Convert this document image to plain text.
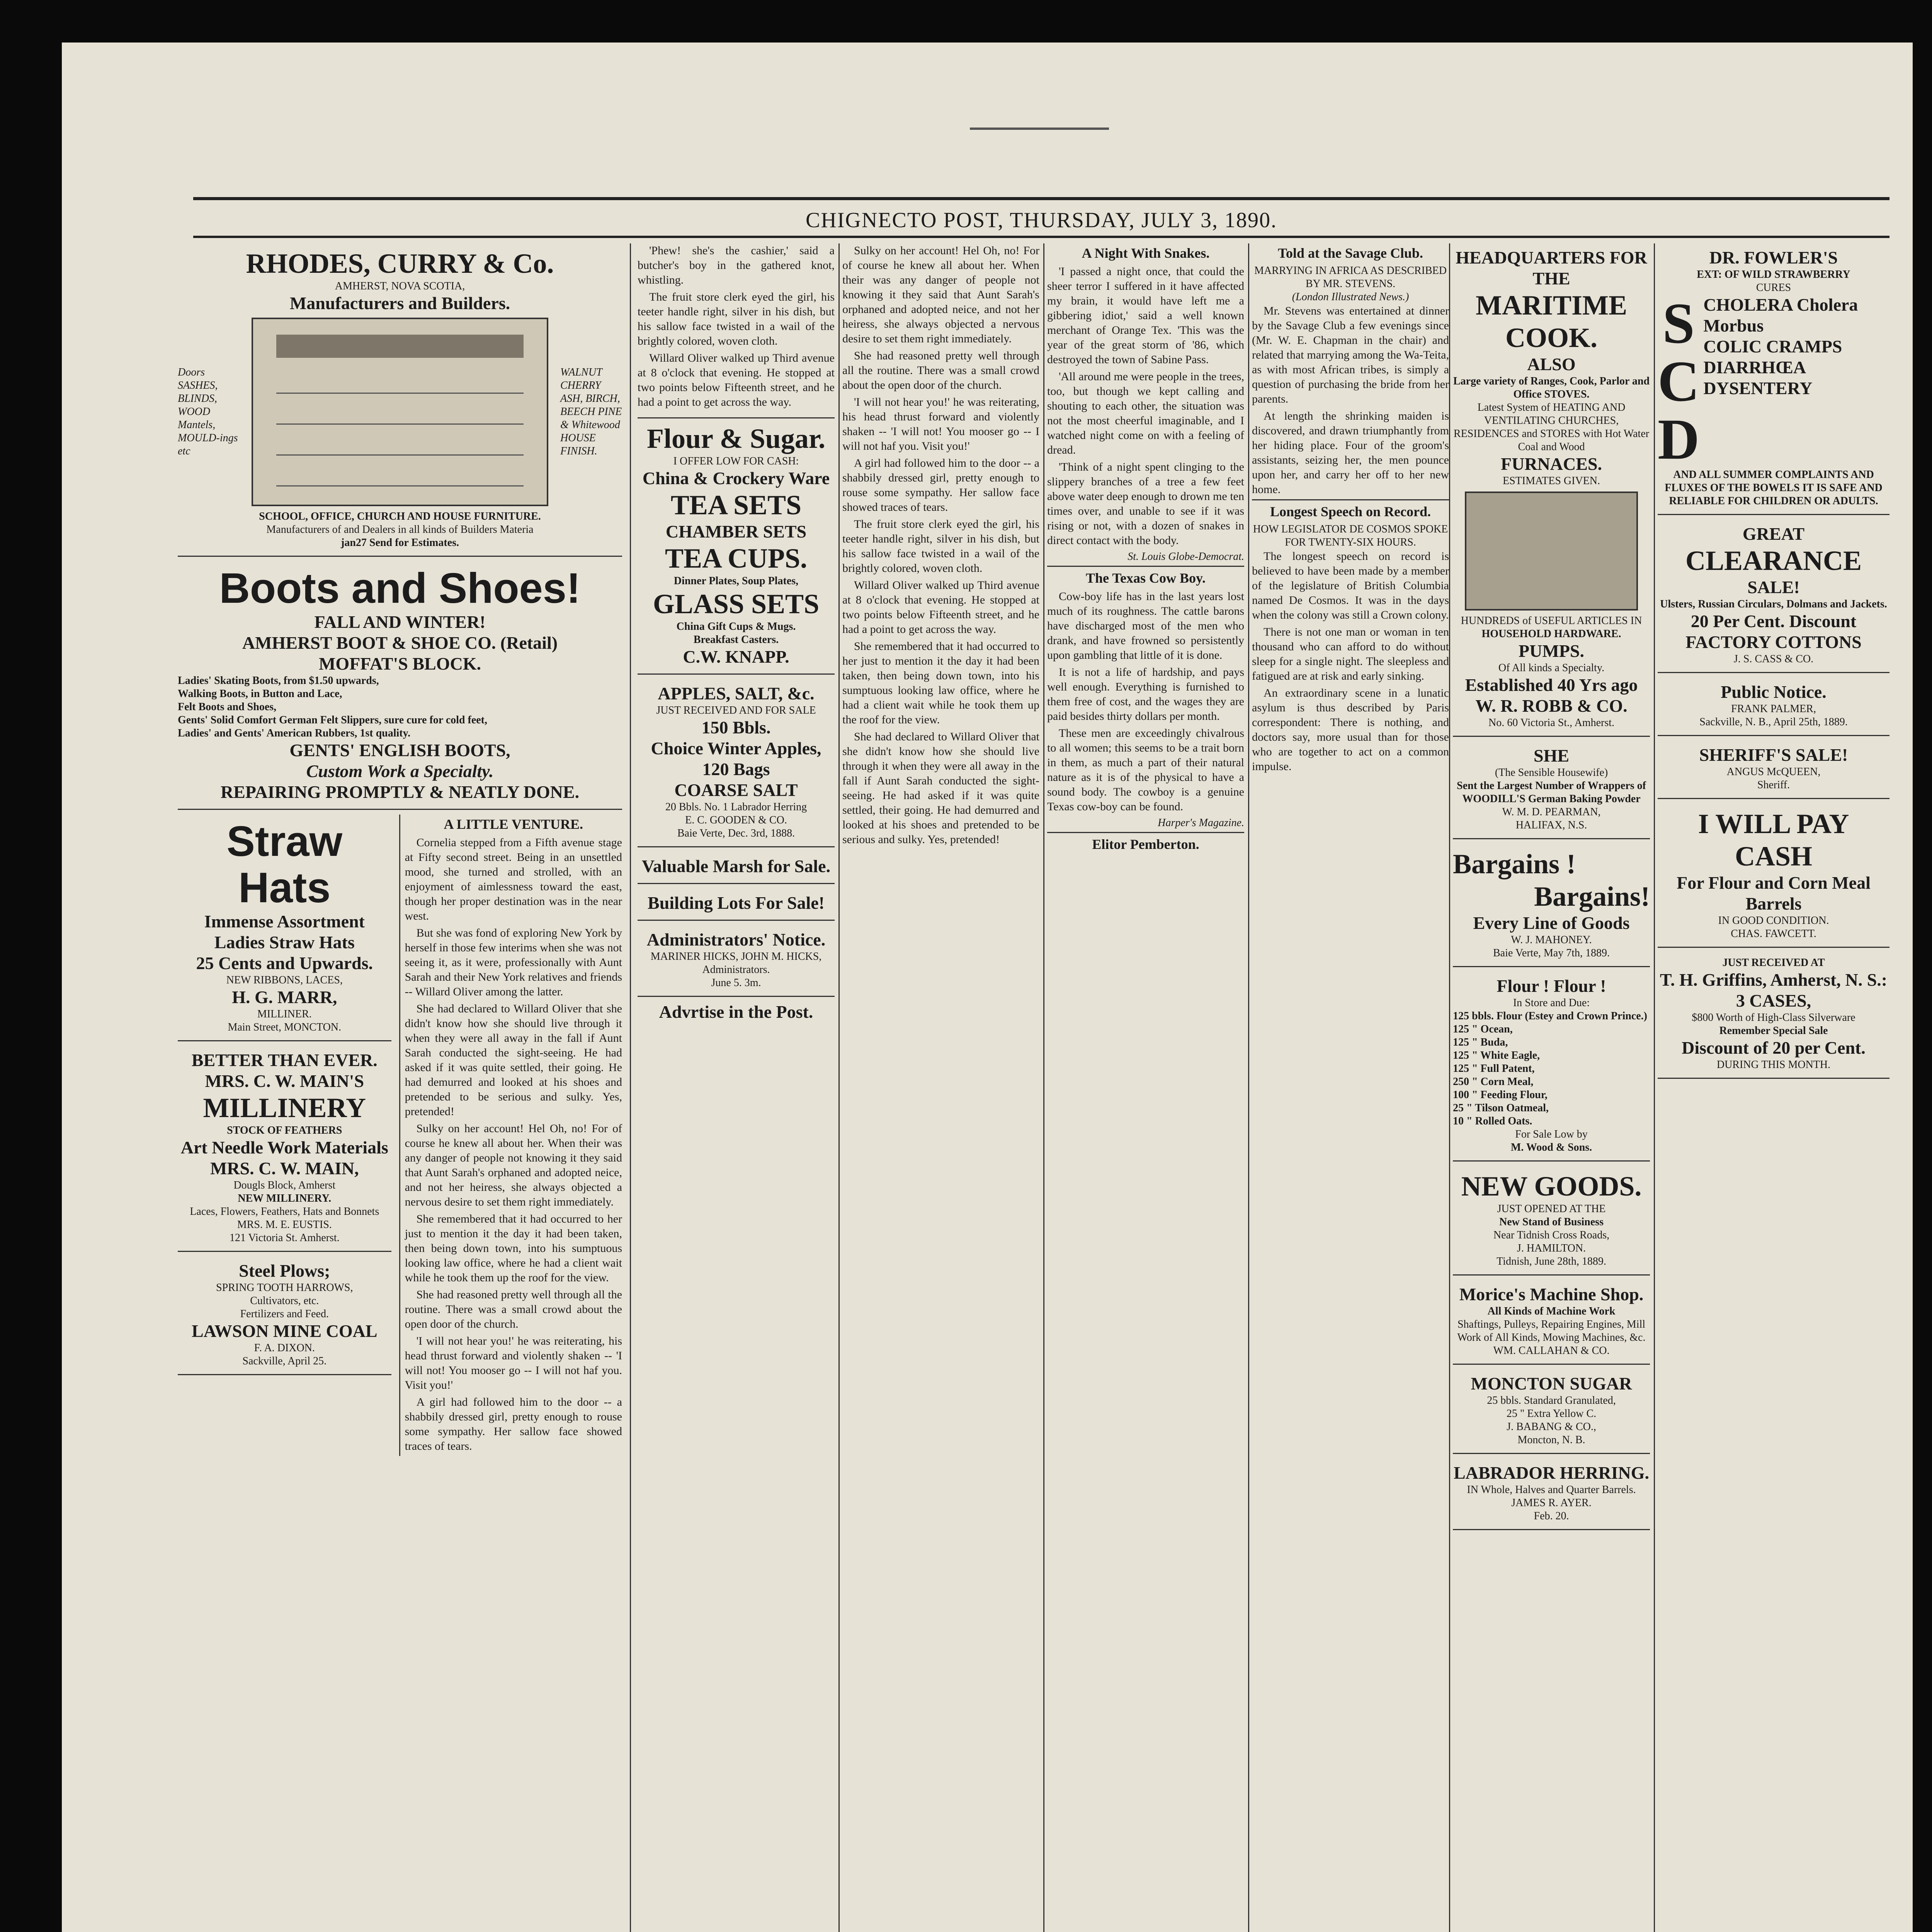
CHIGNECTO POST, THURSDAY, JULY 3, 1890.
RHODES, CURRY & Co.
AMHERST, NOVA SCOTIA,
Manufacturers and Builders.
Doors SASHES, BLINDS, WOOD Mantels, MOULD-ings etc
WALNUT CHERRY ASH, BIRCH, BEECH PINE & Whitewood HOUSE FINISH.
SCHOOL, OFFICE, CHURCH AND HOUSE FURNITURE.
Manufacturers of and Dealers in all kinds of Builders Materia
jan27 Send for Estimates.
Boots and Shoes!
FALL AND WINTER!
AMHERST BOOT & SHOE CO. (Retail)
MOFFAT'S BLOCK.
Ladies' Skating Boots, from $1.50 upwards,
Walking Boots, in Button and Lace,
Felt Boots and Shoes,
Gents' Solid Comfort German Felt Slippers, sure cure for cold feet,
Ladies' and Gents' American Rubbers, 1st quality.
GENTS' ENGLISH BOOTS,
Custom Work a Specialty.
REPAIRING PROMPTLY & NEATLY DONE.
Straw Hats
Immense Assortment
Ladies Straw Hats
25 Cents and Upwards.
NEW RIBBONS, LACES,
H. G. MARR,
MILLINER.
Main Street, MONCTON.
BETTER THAN EVER.
MRS. C. W. MAIN'S
MILLINERY
STOCK OF FEATHERS
Art Needle Work Materials
MRS. C. W. MAIN,
Dougls Block, Amherst
NEW MILLINERY.
Laces, Flowers, Feathers, Hats and Bonnets
MRS. M. E. EUSTIS.
121 Victoria St. Amherst.
Steel Plows;
SPRING TOOTH HARROWS,
Cultivators, etc.
Fertilizers and Feed.
LAWSON MINE COAL
F. A. DIXON.
Sackville, April 25.
A LITTLE VENTURE.

Cornelia stepped from a Fifth avenue stage at Fifty second street. Being in an unsettled mood, she turned and strolled, with an enjoyment of aimlessness toward the east, though her proper destination was in the near west.

But she was fond of exploring New York by herself in those few interims when she was not seeing it, as it were, professionally with Aunt Sarah and their New York relatives and friends -- Willard Oliver among the latter.

She had declared to Willard Oliver that she didn't know how she should live through it when they were all away in the fall if Aunt Sarah conducted the sight-seeing. He had asked if it was quite settled, their going. He had demurred and looked at his shoes and pretended to be serious and sulky. Yes, pretended!

Sulky on her account! Hel Oh, no! For of course he knew all about her. When their was any danger of people not knowing it they said that Aunt Sarah's orphaned and adopted neice, and not her heiress, she always objected a nervous desire to set them right immediately.

She remembered that it had occurred to her just to mention it the day it had been taken, then being down town, into his sumptuous looking law office, where he had a client wait while he took them up the roof for the view.

She had reasoned pretty well through all the routine. There was a small crowd about the open door of the church.

'I will not hear you!' he was reiterating, his head thrust forward and violently shaken -- 'I will not! You mooser go -- I will not haf you. Visit you!'

A girl had followed him to the door -- a shabbily dressed girl, pretty enough to rouse some sympathy. Her sallow face showed traces of tears.

'Phew! she's the cashier,' said a butcher's boy in the gathered knot, whistling.

The fruit store clerk eyed the girl, his teeter handle right, silver in his dish, but his sallow face twisted in a wail of the brightly colored, woven cloth.

Willard Oliver walked up Third avenue at 8 o'clock that evening. He stopped at two points below Fifteenth street, and he had a point to get across the way.

Flour & Sugar.
I OFFER LOW FOR CASH:
China & Crockery Ware
TEA SETS
CHAMBER SETS
TEA CUPS.
Dinner Plates, Soup Plates,
GLASS SETS
China Gift Cups & Mugs.
Breakfast Casters.
C.W. KNAPP.
APPLES, SALT, &c.
JUST RECEIVED AND FOR SALE
150 Bbls.
Choice Winter Apples,
120 Bags
COARSE SALT
20 Bbls. No. 1 Labrador Herring
E. C. GOODEN & CO.
Baie Verte, Dec. 3rd, 1888.
Valuable Marsh for Sale.
Building Lots For Sale!
Administrators' Notice.
MARINER HICKS, JOHN M. HICKS,
Administrators.
June 5. 3m.
Advrtise in the Post.

Sulky on her account! Hel Oh, no! For of course he knew all about her. When their was any danger of people not knowing it they said that Aunt Sarah's orphaned and adopted neice, and not her heiress, she always objected a nervous desire to set them right immediately.

She had reasoned pretty well through all the routine. There was a small crowd about the open door of the church.

'I will not hear you!' he was reiterating, his head thrust forward and violently shaken -- 'I will not! You mooser go -- I will not haf you. Visit you!'

A girl had followed him to the door -- a shabbily dressed girl, pretty enough to rouse some sympathy. Her sallow face showed traces of tears.

The fruit store clerk eyed the girl, his teeter handle right, silver in his dish, but his sallow face twisted in a wail of the brightly colored, woven cloth.

Willard Oliver walked up Third avenue at 8 o'clock that evening. He stopped at two points below Fifteenth street, and he had a point to get across the way.

She remembered that it had occurred to her just to mention it the day it had been taken, then being down town, into his sumptuous looking law office, where he had a client wait while he took them up the roof for the view.

She had declared to Willard Oliver that she didn't know how she should live through it when they were all away in the fall if Aunt Sarah conducted the sight-seeing. He had asked if it was quite settled, their going. He had demurred and looked at his shoes and pretended to be serious and sulky. Yes, pretended!

A Night With Snakes.

'I passed a night once, that could the sheer terror I suffered in it have affected my brain, it would have left me a gibbering idiot,' said a well known merchant of Orange Tex. 'This was the year of the great storm of '86, which destroyed the town of Sabine Pass.

'All around me were people in the trees, too, but though we kept calling and shouting to each other, the situation was not the most cheerful imaginable, and I watched night come on with a feeling of dread.

'Think of a night spent clinging to the slippery branches of a tree a few feet above water deep enough to drown me ten times over, and unable to see if it was rising or not, with a dozen of snakes in direct contact with the body.

St. Louis Globe-Democrat.
The Texas Cow Boy.

Cow-boy life has in the last years lost much of its roughness. The cattle barons have discharged most of the men who drank, and have frowned so persistently upon gambling that little of it is done.

It is not a life of hardship, and pays well enough. Everything is furnished to them free of cost, and the wages they are paid besides thirty dollars per month.

These men are exceedingly chivalrous to all women; this seems to be a trait born in them, as much a part of their natural nature as it is of the physical to have a sound body. The cowboy is a genuine Texas cow-boy can be found.

Harper's Magazine.
Elitor Pemberton.
Told at the Savage Club.
MARRYING IN AFRICA AS DESCRIBED BY MR. STEVENS.
(London Illustrated News.)

Mr. Stevens was entertained at dinner by the Savage Club a few evenings since (Mr. W. E. Chapman in the chair) and related that marrying among the Wa-Teita, as with most African tribes, is simply a question of purchasing the bride from her parents.

At length the shrinking maiden is discovered, and drawn triumphantly from her hiding place. Four of the groom's assistants, seizing her, the men pounce upon her, and carry her off to her new home.

Longest Speech on Record.
HOW LEGISLATOR DE COSMOS SPOKE FOR TWENTY-SIX HOURS.

The longest speech on record is believed to have been made by a member of the legislature of British Columbia named De Cosmos. It was in the days when the colony was still a Crown colony.

There is not one man or woman in ten thousand who can afford to do without sleep for a single night. The sleepless and fatigued are at risk and early sinking.

An extraordinary scene in a lunatic asylum is thus described by Paris correspondent: There is nothing, and doctors say, more usual than for those who are together to act on a common impulse.

HEADQUARTERS FOR THE
MARITIME COOK.
ALSO
Large variety of Ranges, Cook, Parlor and Office STOVES.
Latest System of HEATING AND VENTILATING CHURCHES, RESIDENCES and STORES with Hot Water Coal and Wood
FURNACES.
ESTIMATES GIVEN.
HUNDREDS of USEFUL ARTICLES IN
HOUSEHOLD HARDWARE.
PUMPS.
Of All kinds a Specialty.
Established 40 Yrs ago
W. R. ROBB & CO.
No. 60 Victoria St., Amherst.
SHE
(The Sensible Housewife)
Sent the Largest Number of Wrappers of
WOODILL'S German Baking Powder
W. M. D. PEARMAN,
HALIFAX, N.S.
Bargains !
Bargains!
Every Line of Goods
W. J. MAHONEY.
Baie Verte, May 7th, 1889.
Flour ! Flour !
In Store and Due:
125 bbls. Flour (Estey and Crown Prince.)
125 " Ocean,
125 " Buda,
125 " White Eagle,
125 " Full Patent,
250 " Corn Meal,
100 " Feeding Flour,
25 " Tilson Oatmeal,
10 " Rolled Oats.
For Sale Low by
M. Wood & Sons.
NEW GOODS.
JUST OPENED AT THE
New Stand of Business
Near Tidnish Cross Roads,
J. HAMILTON.
Tidnish, June 28th, 1889.
Morice's Machine Shop.
All Kinds of Machine Work
Shaftings, Pulleys, Repairing Engines, Mill Work of All Kinds, Mowing Machines, &c.
WM. CALLAHAN & CO.
MONCTON SUGAR
25 bbls. Standard Granulated,
25 " Extra Yellow C.
J. BABANG & CO.,
Moncton, N. B.
LABRADOR HERRING.
IN Whole, Halves and Quarter Barrels.
JAMES R. AYER.
Feb. 20.
DR. FOWLER'S
EXT: OF WILD STRAWBERRY
CURES
S
C
D
CHOLERA Cholera Morbus
COLIC CRAMPS
DIARRHŒA DYSENTERY
AND ALL SUMMER COMPLAINTS AND FLUXES OF THE BOWELS IT IS SAFE AND RELIABLE FOR CHILDREN OR ADULTS.
GREAT
CLEARANCE
SALE!
Ulsters, Russian Circulars, Dolmans and Jackets.
20 Per Cent. Discount
FACTORY COTTONS
J. S. CASS & CO.
Public Notice.
FRANK PALMER,
Sackville, N. B., April 25th, 1889.
SHERIFF'S SALE!
ANGUS McQUEEN,
Sheriff.
I WILL PAY CASH
For Flour and Corn Meal Barrels
IN GOOD CONDITION.
CHAS. FAWCETT.
JUST RECEIVED AT
T. H. Griffins, Amherst, N. S.:
3 CASES,
$800 Worth of High-Class Silverware
Remember Special Sale
Discount of 20 per Cent.
DURING THIS MONTH.
